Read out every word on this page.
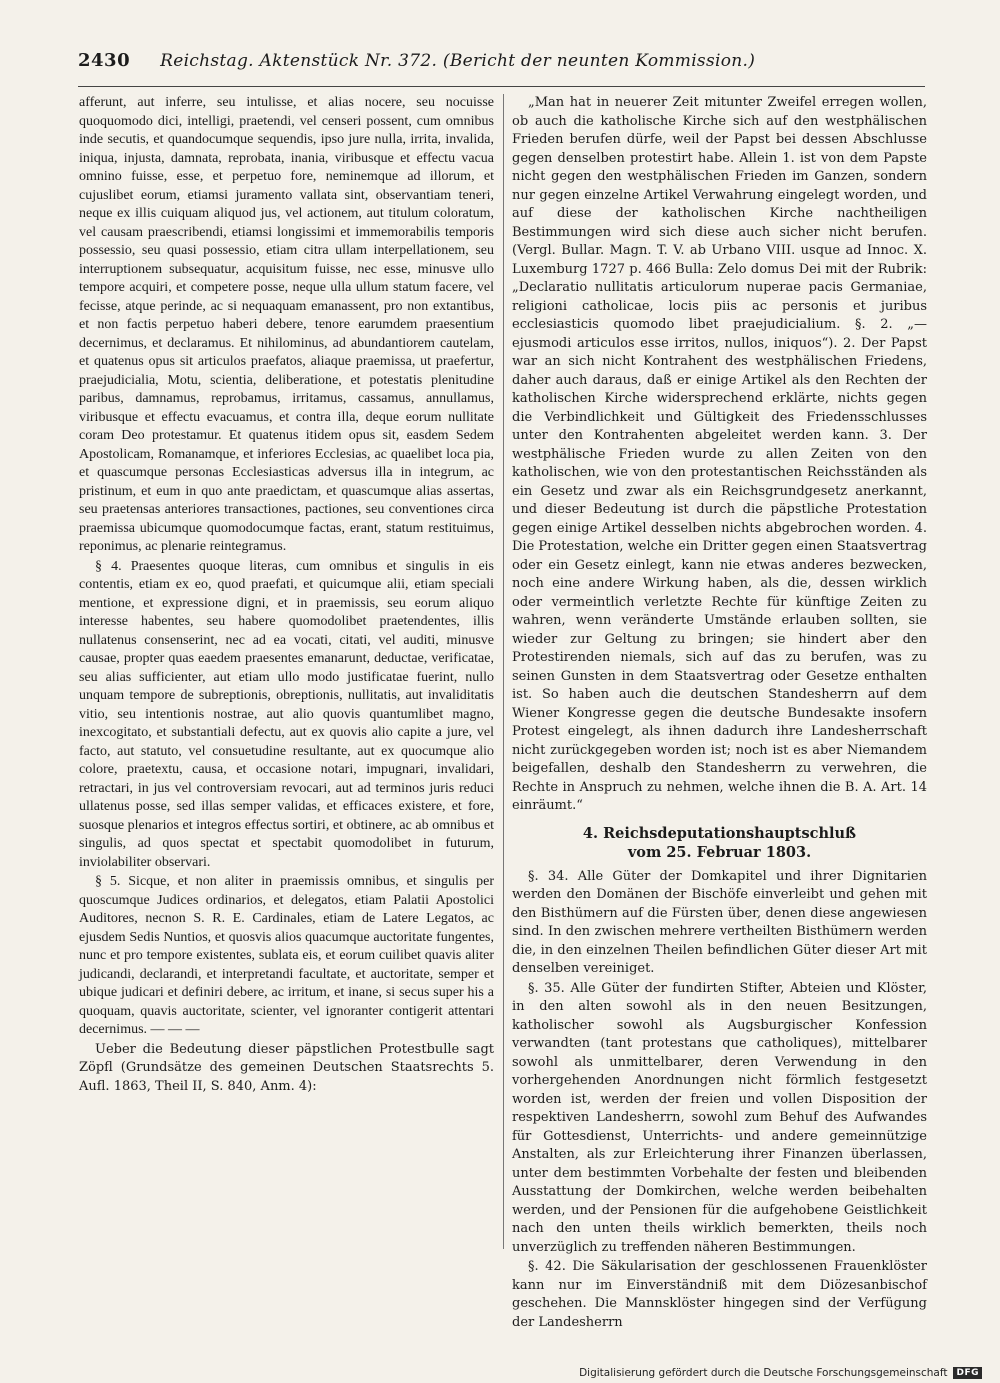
2430 Reichstag. Aktenstück Nr. 372. (Bericht der neunten Kommission.)

afferunt, aut inferre, seu intulisse, et alias nocere, seu nocuisse quoquomodo dici, intelligi, praetendi, vel censeri possent, cum omnibus inde secutis, et quandocumque sequendis, ipso jure nulla, irrita, invalida, iniqua, injusta, damnata, reprobata, inania, viribusque et effectu vacua omnino fuisse, esse, et perpetuo fore, neminemque ad illorum, et cujuslibet eorum, etiamsi juramento vallata sint, observantiam teneri, neque ex illis cuiquam aliquod jus, vel actionem, aut titulum coloratum, vel causam praescribendi, etiamsi longissimi et immemorabilis temporis possessio, seu quasi possessio, etiam citra ullam interpellationem, seu interruptionem subsequatur, acquisitum fuisse, nec esse, minusve ullo tempore acquiri, et competere posse, neque ulla ullum statum facere, vel fecisse, atque perinde, ac si nequaquam emanassent, pro non extantibus, et non factis perpetuo haberi debere, tenore earumdem praesentium decernimus, et declaramus. Et nihilominus, ad abundantiorem cautelam, et quatenus opus sit articulos praefatos, aliaque praemissa, ut praefertur, praejudicialia, Motu, scientia, deliberatione, et potestatis plenitudine paribus, damnamus, reprobamus, irritamus, cassamus, annullamus, viribusque et effectu evacuamus, et contra illa, deque eorum nullitate coram Deo protestamur. Et quatenus itidem opus sit, easdem Sedem Apostolicam, Romanamque, et inferiores Ecclesias, ac quaelibet loca pia, et quascumque personas Ecclesiasticas adversus illa in integrum, ac pristinum, et eum in quo ante praedictam, et quascumque alias assertas, seu praetensas anteriores transactiones, pactiones, seu conventiones circa praemissa ubicumque quomodocumque factas, erant, statum restituimus, reponimus, ac plenarie reintegramus.

§ 4. Praesentes quoque literas, cum omnibus et singulis in eis contentis, etiam ex eo, quod praefati, et quicumque alii, etiam speciali mentione, et expressione digni, et in praemissis, seu eorum aliquo interesse habentes, seu habere quomodolibet praetendentes, illis nullatenus consenserint, nec ad ea vocati, citati, vel auditi, minusve causae, propter quas eaedem praesentes emanarunt, deductae, verificatae, seu alias sufficienter, aut etiam ullo modo justificatae fuerint, nullo unquam tempore de subreptionis, obreptionis, nullitatis, aut invaliditatis vitio, seu intentionis nostrae, aut alio quovis quantumlibet magno, inexcogitato, et substantiali defectu, aut ex quovis alio capite a jure, vel facto, aut statuto, vel consuetudine resultante, aut ex quocumque alio colore, praetextu, causa, et occasione notari, impugnari, invalidari, retractari, in jus vel controversiam revocari, aut ad terminos juris reduci ullatenus posse, sed illas semper validas, et efficaces existere, et fore, suosque plenarios et integros effectus sortiri, et obtinere, ac ab omnibus et singulis, ad quos spectat et spectabit quomodolibet in futurum, inviolabiliter observari.

§ 5. Sicque, et non aliter in praemissis omnibus, et singulis per quoscumque Judices ordinarios, et delegatos, etiam Palatii Apostolici Auditores, necnon S. R. E. Cardinales, etiam de Latere Legatos, ac ejusdem Sedis Nuntios, et quosvis alios quacumque auctoritate fungentes, nunc et pro tempore existentes, sublata eis, et eorum cuilibet quavis aliter judicandi, declarandi, et interpretandi facultate, et auctoritate, semper et ubique judicari et definiri debere, ac irritum, et inane, si secus super his a quoquam, quavis auctoritate, scienter, vel ignoranter contigerit attentari decernimus. — — —

Ueber die Bedeutung dieser päpstlichen Protestbulle sagt Zöpfl (Grundsätze des gemeinen Deutschen Staatsrechts 5. Aufl. 1863, Theil II, S. 840, Anm. 4):

„Man hat in neuerer Zeit mitunter Zweifel erregen wollen, ob auch die katholische Kirche sich auf den westphälischen Frieden berufen dürfe, weil der Papst bei dessen Abschlusse gegen denselben protestirt habe. Allein 1. ist von dem Papste nicht gegen den westphälischen Frieden im Ganzen, sondern nur gegen einzelne Artikel Verwahrung eingelegt worden, und auf diese der katholischen Kirche nachtheiligen Bestimmungen wird sich diese auch sicher nicht berufen. (Vergl. Bullar. Magn. T. V. ab Urbano VIII. usque ad Innoc. X. Luxemburg 1727 p. 466 Bulla: Zelo domus Dei mit der Rubrik: „Declaratio nullitatis articulorum nuperae pacis Germaniae, religioni catholicae, locis piis ac personis et juribus ecclesiasticis quomodo libet praejudicialium. §. 2. „— ejusmodi articulos esse irritos, nullos, iniquos“). 2. Der Papst war an sich nicht Kontrahent des westphälischen Friedens, daher auch daraus, daß er einige Artikel als den Rechten der katholischen Kirche widersprechend erklärte, nichts gegen die Verbindlichkeit und Gültigkeit des Friedensschlusses unter den Kontrahenten abgeleitet werden kann. 3. Der westphälische Frieden wurde zu allen Zeiten von den katholischen, wie von den protestantischen Reichsständen als ein Gesetz und zwar als ein Reichsgrundgesetz anerkannt, und dieser Bedeutung ist durch die päpstliche Protestation gegen einige Artikel desselben nichts abgebrochen worden. 4. Die Protestation, welche ein Dritter gegen einen Staatsvertrag oder ein Gesetz einlegt, kann nie etwas anderes bezwecken, noch eine andere Wirkung haben, als die, dessen wirklich oder vermeintlich verletzte Rechte für künftige Zeiten zu wahren, wenn veränderte Umstände erlauben sollten, sie wieder zur Geltung zu bringen; sie hindert aber den Protestirenden niemals, sich auf das zu berufen, was zu seinen Gunsten in dem Staatsvertrag oder Gesetze enthalten ist. So haben auch die deutschen Standesherrn auf dem Wiener Kongresse gegen die deutsche Bundesakte insofern Protest eingelegt, als ihnen dadurch ihre Landesherrschaft nicht zurückgegeben worden ist; noch ist es aber Niemandem beigefallen, deshalb den Standesherrn zu verwehren, die Rechte in Anspruch zu nehmen, welche ihnen die B. A. Art. 14 einräumt.“

4. Reichsdeputationshauptschluß
vom 25. Februar 1803.

§. 34. Alle Güter der Domkapitel und ihrer Dignitarien werden den Domänen der Bischöfe einverleibt und gehen mit den Bisthümern auf die Fürsten über, denen diese angewiesen sind. In den zwischen mehrere vertheilten Bisthümern werden die, in den einzelnen Theilen befindlichen Güter dieser Art mit denselben vereiniget.

§. 35. Alle Güter der fundirten Stifter, Abteien und Klöster, in den alten sowohl als in den neuen Besitzungen, katholischer sowohl als Augsburgischer Konfession verwandten (tant protestans que catholiques), mittelbarer sowohl als unmittelbarer, deren Verwendung in den vorhergehenden Anordnungen nicht förmlich festgesetzt worden ist, werden der freien und vollen Disposition der respektiven Landesherrn, sowohl zum Behuf des Aufwandes für Gottesdienst, Unterrichts- und andere gemeinnützige Anstalten, als zur Erleichterung ihrer Finanzen überlassen, unter dem bestimmten Vorbehalte der festen und bleibenden Ausstattung der Domkirchen, welche werden beibehalten werden, und der Pensionen für die aufgehobene Geistlichkeit nach den unten theils wirklich bemerkten, theils noch unverzüglich zu treffenden näheren Bestimmungen.

§. 42. Die Säkularisation der geschlossenen Frauenklöster kann nur im Einverständniß mit dem Diözesanbischof geschehen. Die Mannsklöster hingegen sind der Verfügung der Landesherrn

Digitalisierung gefördert durch die Deutsche Forschungsgemeinschaft	DFG
